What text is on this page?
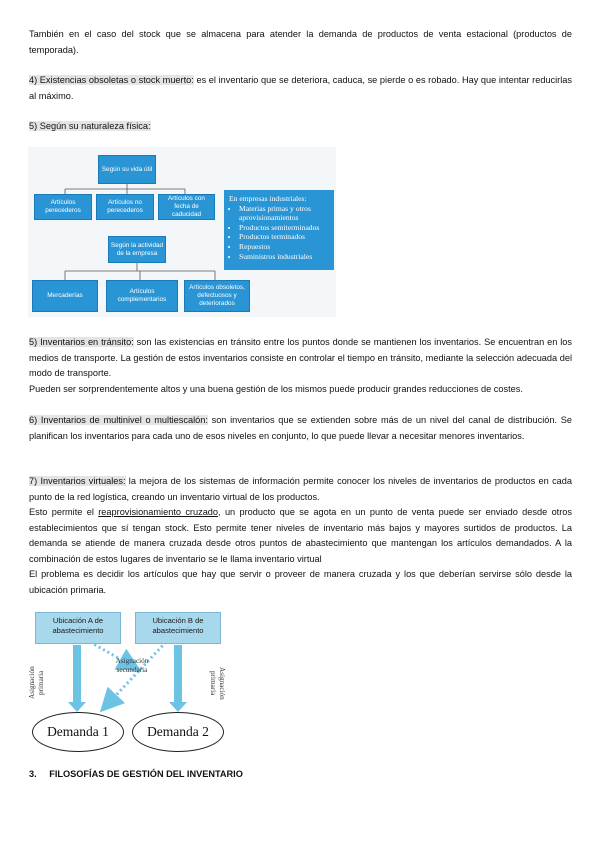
También en el caso del stock que se almacena para atender la demanda de productos de venta estacional (productos de temporada).
4) Existencias obsoletas o stock muerto: es el inventario que se deteriora, caduca, se pierde o es robado. Hay que intentar reducirlas al máximo.
5) Según su naturaleza física:
Según su vida útil
Artículos perecederos
Artículos no perecederos
Artículos con fecha de caducidad
Según la actividad de la empresa
Mercaderías
Artículos complementarios
Artículos obsoletos, defectuosos y deteriorados
En empresas industriales:
• Materias primas y otros aprovisionamientos
• Productos semiterminados
• Productos terminados
• Repuestos
• Suministros industriales
5) Inventarios en tránsito: son las existencias en tránsito entre los puntos donde se mantienen los inventarios. Se encuentran en los medios de transporte. La gestión de estos inventarios consiste en controlar el tiempo en tránsito, mediante la selección adecuada del modo de transporte.
Pueden ser sorprendentemente altos y una buena gestión de los mismos puede producir grandes reducciones de costes.
6) Inventarios de multinivel o multiescalón: son inventarios que se extienden sobre más de un nivel del canal de distribución. Se planifican los inventarios para cada uno de esos niveles en conjunto, lo que puede llevar a necesitar menores inventarios.
7) Inventarios virtuales: la mejora de los sistemas de información permite conocer los niveles de inventarios de productos en cada punto de la red logística, creando un inventario virtual de los productos.
Esto permite el reaprovisionamiento cruzado, un producto que se agota en un punto de venta puede ser enviado desde otros establecimientos que sí tengan stock. Esto permite tener niveles de inventario más bajos y mayores surtidos de productos. La demanda se atiende de manera cruzada desde otros puntos de abastecimiento que mantengan los artículos demandados. A la combinación de estos lugares de inventario se le llama inventario virtual
El problema es decidir los artículos que hay que servir o proveer de manera cruzada y los que deberían servirse sólo desde la ubicación primaria.
Ubicación A de abastecimiento
Ubicación B de abastecimiento
Asignación primaria	Asignación primaria
Asignación secundaria
Demanda 1	Demanda 2
3. FILOSOFÍAS DE GESTIÓN DEL INVENTARIO
